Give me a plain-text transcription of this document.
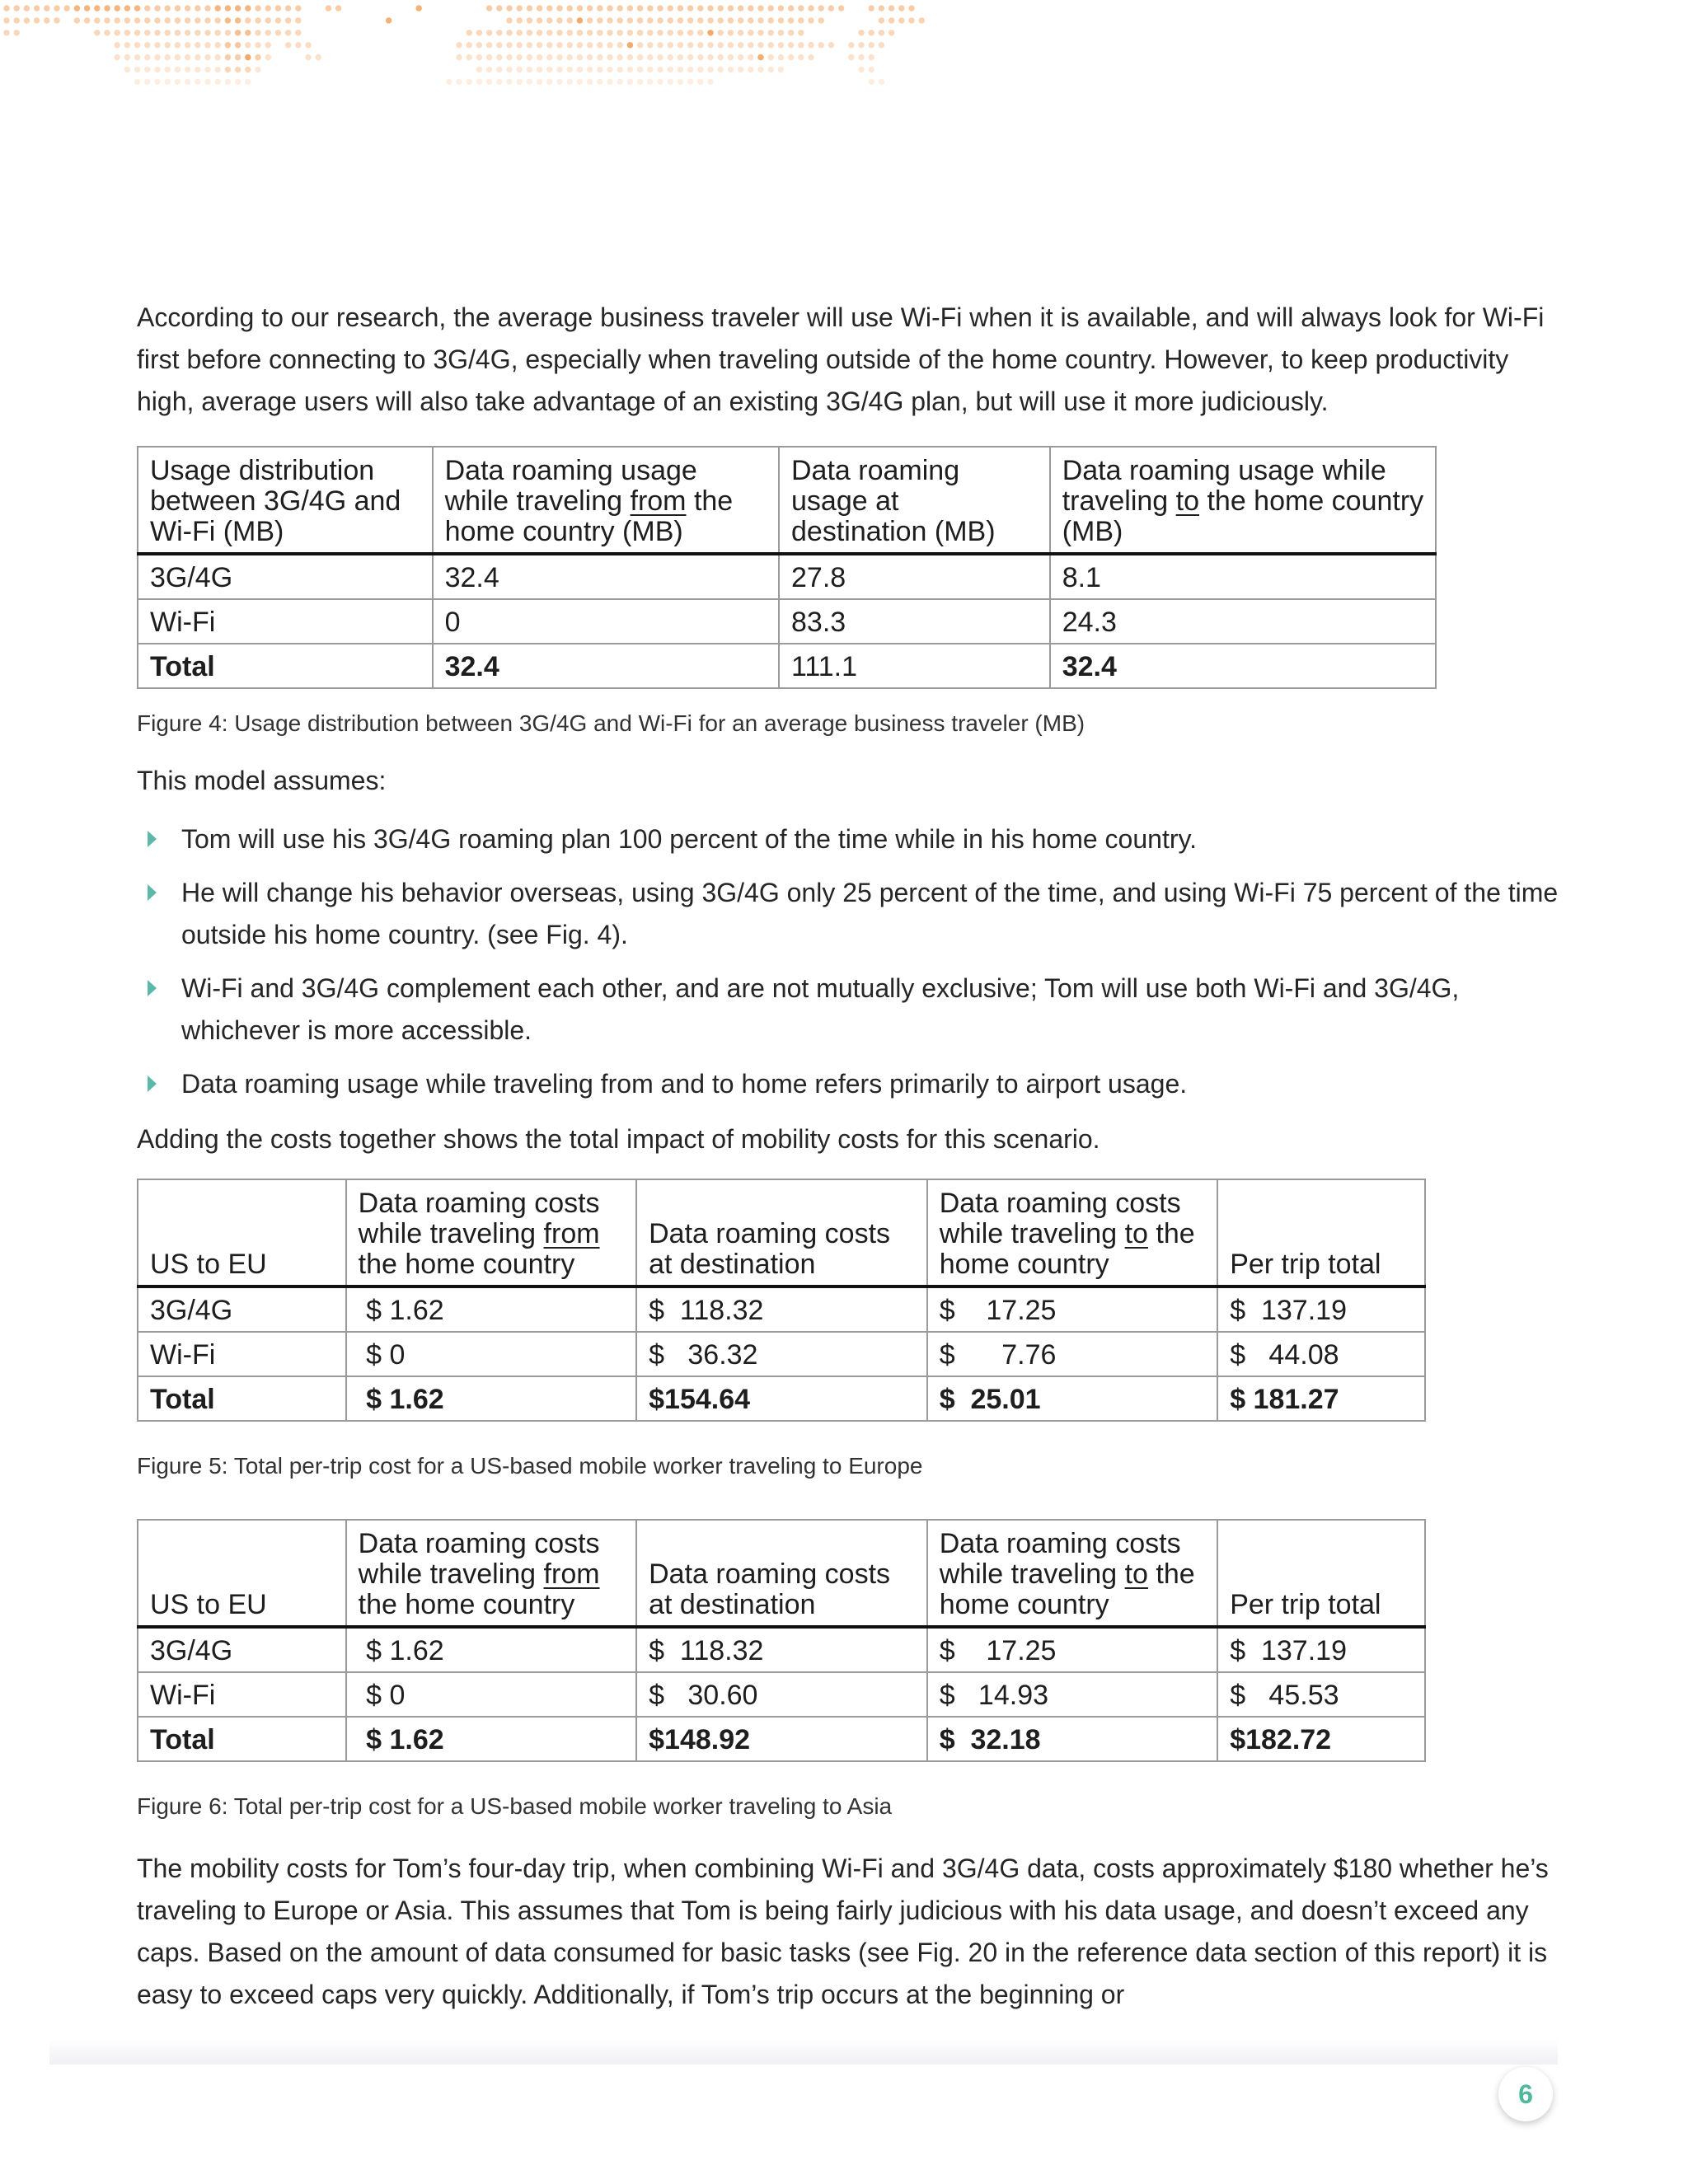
According to our research, the average business traveler will use Wi-Fi when it is available, and will always look for Wi-Fi first before connecting to 3G/4G, especially when traveling outside of the home country. However, to keep productivity high, average users will also take advantage of an existing 3G/4G plan, but will use it more judiciously.

Usage distribution between 3G/4G and Wi-Fi (MB)	Data roaming usage while traveling from the home country (MB)	Data roaming usage at destination (MB)	Data roaming usage while traveling to the home country (MB)
3G/4G	32.4	27.8	8.1
Wi-Fi	0	83.3	24.3
Total	32.4	111.1	32.4

Figure 4: Usage distribution between 3G/4G and Wi-Fi for an average business traveler (MB)

This model assumes:

Tom will use his 3G/4G roaming plan 100 percent of the time while in his home country.
He will change his behavior overseas, using 3G/4G only 25 percent of the time, and using Wi-Fi 75 percent of the time outside his home country. (see Fig. 4).
Wi-Fi and 3G/4G complement each other, and are not mutually exclusive; Tom will use both Wi-Fi and 3G/4G, whichever is more accessible.
Data roaming usage while traveling from and to home refers primarily to airport usage.

Adding the costs together shows the total impact of mobility costs for this scenario.

US to EU	Data roaming costs while traveling from the home country	Data roaming costs at destination	Data roaming costs while traveling to the home country	Per trip total
3G/4G	$ 1.62	$  118.32	$    17.25	$  137.19
Wi-Fi	$ 0	$   36.32	$      7.76	$   44.08
Total	$ 1.62	$154.64	$  25.01	$ 181.27

Figure 5: Total per-trip cost for a US-based mobile worker traveling to Europe

US to EU	Data roaming costs while traveling from the home country	Data roaming costs at destination	Data roaming costs while traveling to the home country	Per trip total
3G/4G	$ 1.62	$  118.32	$    17.25	$  137.19
Wi-Fi	$ 0	$   30.60	$   14.93	$   45.53
Total	$ 1.62	$148.92	$  32.18	$182.72

Figure 6: Total per-trip cost for a US-based mobile worker traveling to Asia

The mobility costs for Tom’s four-day trip, when combining Wi-Fi and 3G/4G data, costs approximately $180 whether he’s traveling to Europe or Asia. This assumes that Tom is being fairly judicious with his data usage, and doesn’t exceed any caps. Based on the amount of data consumed for basic tasks (see Fig. 20 in the reference data section of this report) it is easy to exceed caps very quickly. Additionally, if Tom’s trip occurs at the beginning or

6
